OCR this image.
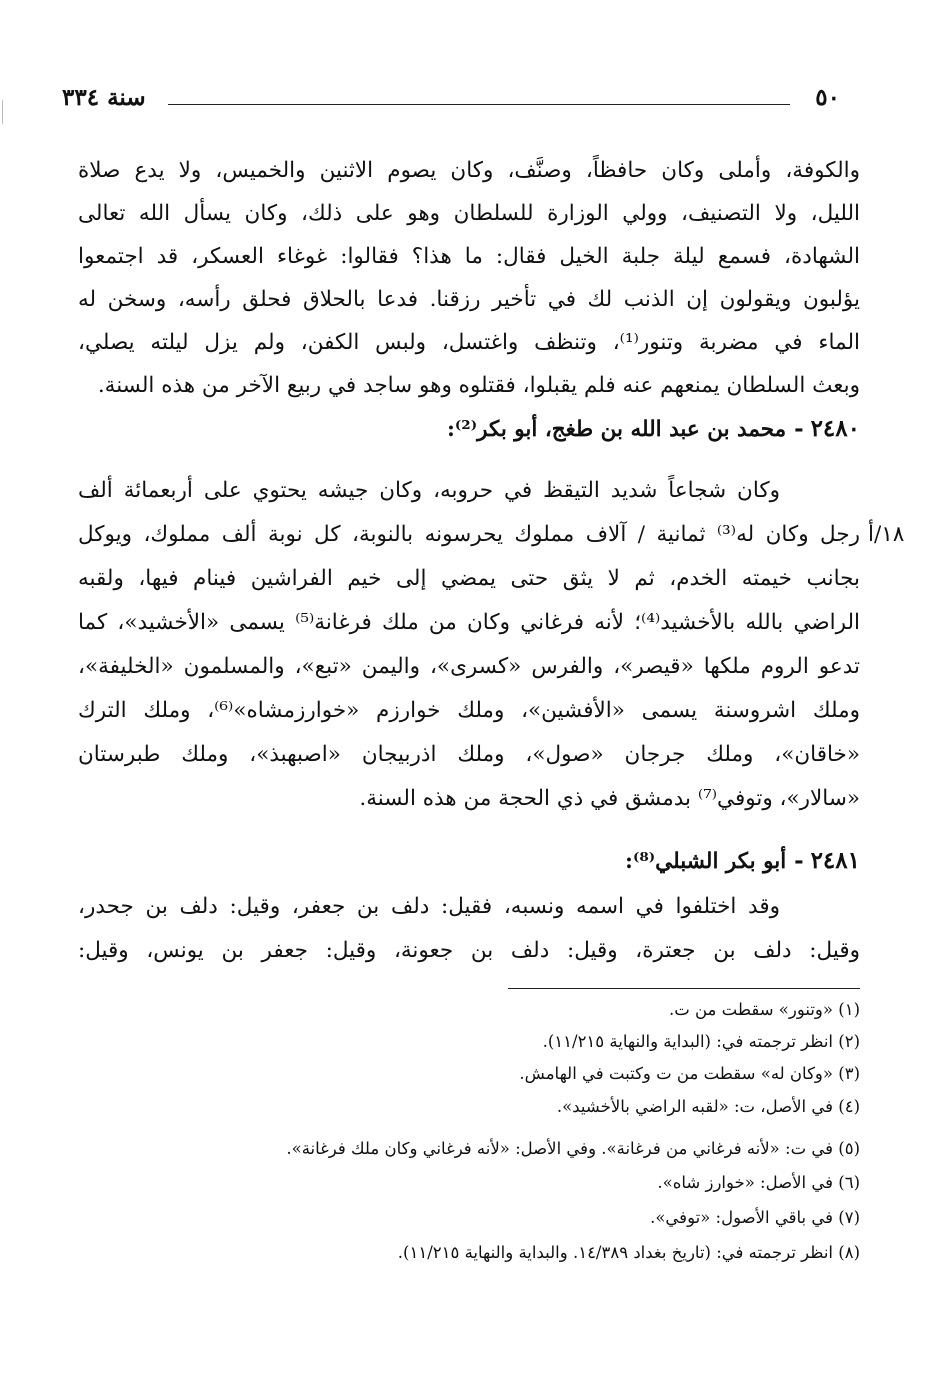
٥٠
سنة ٣٣٤
١٨/أ
والكوفة، وأملى وكان حافظاً، وصنَّف، وكان يصوم الاثنين والخميس، ولا يدع صلاة
الليل، ولا التصنيف، وولي الوزارة للسلطان وهو على ذلك، وكان يسأل الله تعالى
الشهادة، فسمع ليلة جلبة الخيل فقال: ما هذا؟ فقالوا: غوغاء العسكر، قد اجتمعوا
يؤلبون ويقولون إن الذنب لك في تأخير رزقنا. فدعا بالحلاق فحلق رأسه، وسخن له
الماء في مضربة وتنور⁽¹⁾، وتنظف واغتسل، ولبس الكفن، ولم يزل ليلته يصلي،
وبعث السلطان يمنعهم عنه فلم يقبلوا، فقتلوه وهو ساجد في ربيع الآخر من هذه السنة.
٢٤٨٠ - محمد بن عبد الله بن طغج، أبو بكر⁽²⁾:
وكان شجاعاً شديد التيقظ في حروبه، وكان جيشه يحتوي على أربعمائة ألف
رجل وكان له⁽³⁾ ثمانية / آلاف مملوك يحرسونه بالنوبة، كل نوبة ألف مملوك، ويوكل
بجانب خيمته الخدم، ثم لا يثق حتى يمضي إلى خيم الفراشين فينام فيها، ولقبه
الراضي بالله بالأخشيد⁽⁴⁾؛ لأنه فرغاني وكان من ملك فرغانة⁽⁵⁾ يسمى «الأخشيد»، كما
تدعو الروم ملكها «قيصر»، والفرس «كسرى»، واليمن «تبع»، والمسلمون «الخليفة»،
وملك اشروسنة يسمى «الأفشين»، وملك خوارزم «خوارزمشاه»⁽⁶⁾، وملك الترك
«خاقان»، وملك جرجان «صول»، وملك اذربيجان «اصبهبذ»، وملك طبرستان
«سالار»، وتوفي⁽⁷⁾ بدمشق في ذي الحجة من هذه السنة.
٢٤٨١ - أبو بكر الشبلي⁽⁸⁾:
وقد اختلفوا في اسمه ونسبه، فقيل: دلف بن جعفر، وقيل: دلف بن جحدر،
وقيل: دلف بن جعترة، وقيل: دلف بن جعونة، وقيل: جعفر بن يونس، وقيل:
(١) «وتنور» سقطت من ت.
(٢) انظر ترجمته في: (البداية والنهاية ١١/٢١٥).
(٣) «وكان له» سقطت من ت وكتبت في الهامش.
(٤) في الأصل، ت: «لقبه الراضي بالأخشيد».
(٥) في ت: «لأنه فرغاني من فرغانة». وفي الأصل: «لأنه فرغاني وكان ملك فرغانة».
(٦) في الأصل: «خوارز شاه».
(٧) في باقي الأصول: «توفي».
(٨) انظر ترجمته في: (تاريخ بغداد ١٤/٣٨٩. والبداية والنهاية ١١/٢١٥).
